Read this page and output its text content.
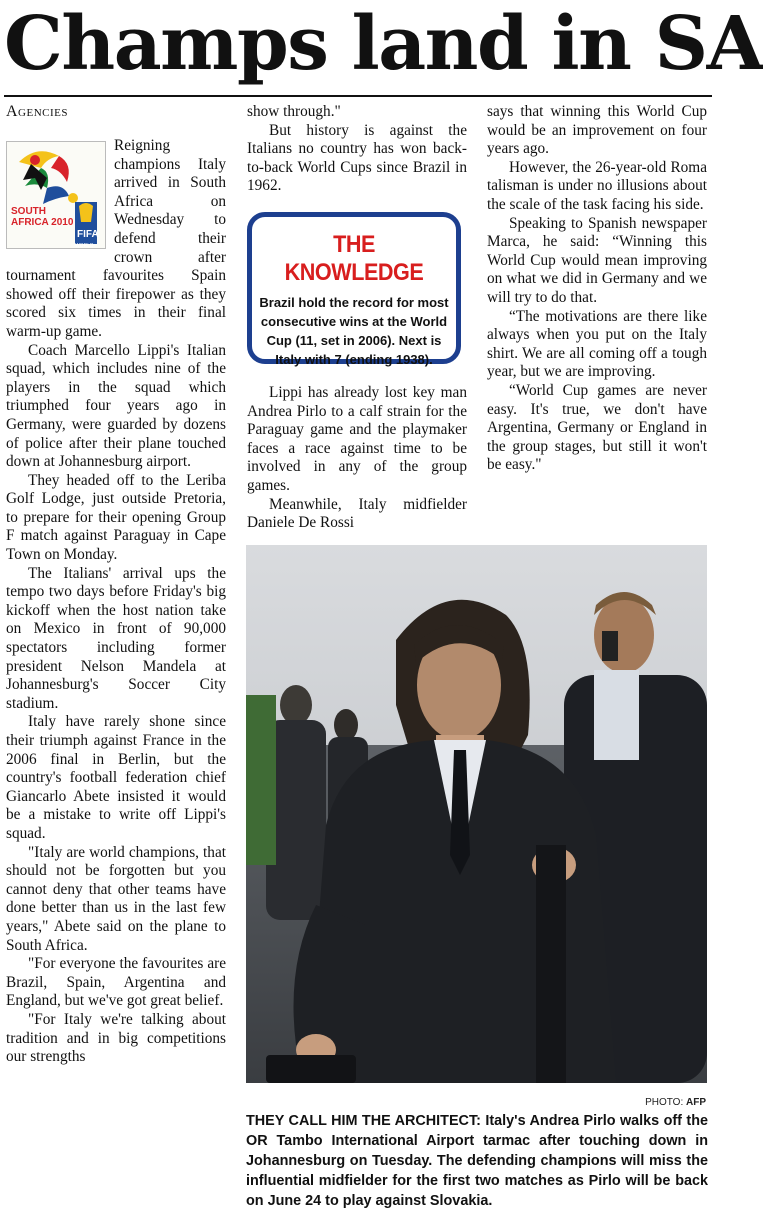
Champs land in SA
Agencies
SOUTH
AFRICA 2010
FIFA
WORLD CUP

Reigning champions Italy arrived in South Africa on Wednesday to defend their crown after tournament favourites Spain showed off their firepower as they scored six times in their final warm-up game.

Coach Marcello Lippi's Italian squad, which includes nine of the players in the squad which triumphed four years ago in Germany, were guarded by dozens of police after their plane touched down at Johannesburg airport.

They headed off to the Leriba Golf Lodge, just outside Pretoria, to prepare for their opening Group F match against Paraguay in Cape Town on Monday.

The Italians' arrival ups the tempo two days before Friday's big kickoff when the host nation take on Mexico in front of 90,000 spectators including former president Nelson Mandela at Johannesburg's Soccer City stadium.

Italy have rarely shone since their triumph against France in the 2006 final in Berlin, but the country's football federation chief Giancarlo Abete insisted it would be a mistake to write off Lippi's squad.

"Italy are world champions, that should not be forgotten but you cannot deny that other teams have done better than us in the last few years," Abete said on the plane to South Africa.

"For everyone the favourites are Brazil, Spain, Argentina and England, but we've got great belief.

"For Italy we're talking about tradition and in big competitions our strengths

show through."

But history is against the Italians no country has won back-to-back World Cups since Brazil in 1962.

THE KNOWLEDGE
Brazil hold the record for most consecutive wins at the World Cup (11, set in 2006). Next is Italy with 7 (ending 1938).

Lippi has already lost key man Andrea Pirlo to a calf strain for the Paraguay game and the playmaker faces a race against time to be involved in any of the group games.

Meanwhile, Italy midfielder Daniele De Rossi

says that winning this World Cup would be an improvement on four years ago.

However, the 26-year-old Roma talisman is under no illusions about the scale of the task facing his side.

Speaking to Spanish newspaper Marca, he said: “Winning this World Cup would mean improving on what we did in Germany and we will try to do that.

“The motivations are there like always when you put on the Italy shirt. We are all coming off a tough year, but we are improving.

“World Cup games are never easy. It's true, we don't have Argentina, Germany or England in the group stages, but still it won't be easy."

PHOTO: AFP
THEY CALL HIM THE ARCHITECT: Italy's Andrea Pirlo walks off the OR Tambo International Airport tarmac after touching down in Johannesburg on Tuesday. The defending champions will miss the influential midfielder for the first two matches as Pirlo will be back on June 24 to play against Slovakia.
